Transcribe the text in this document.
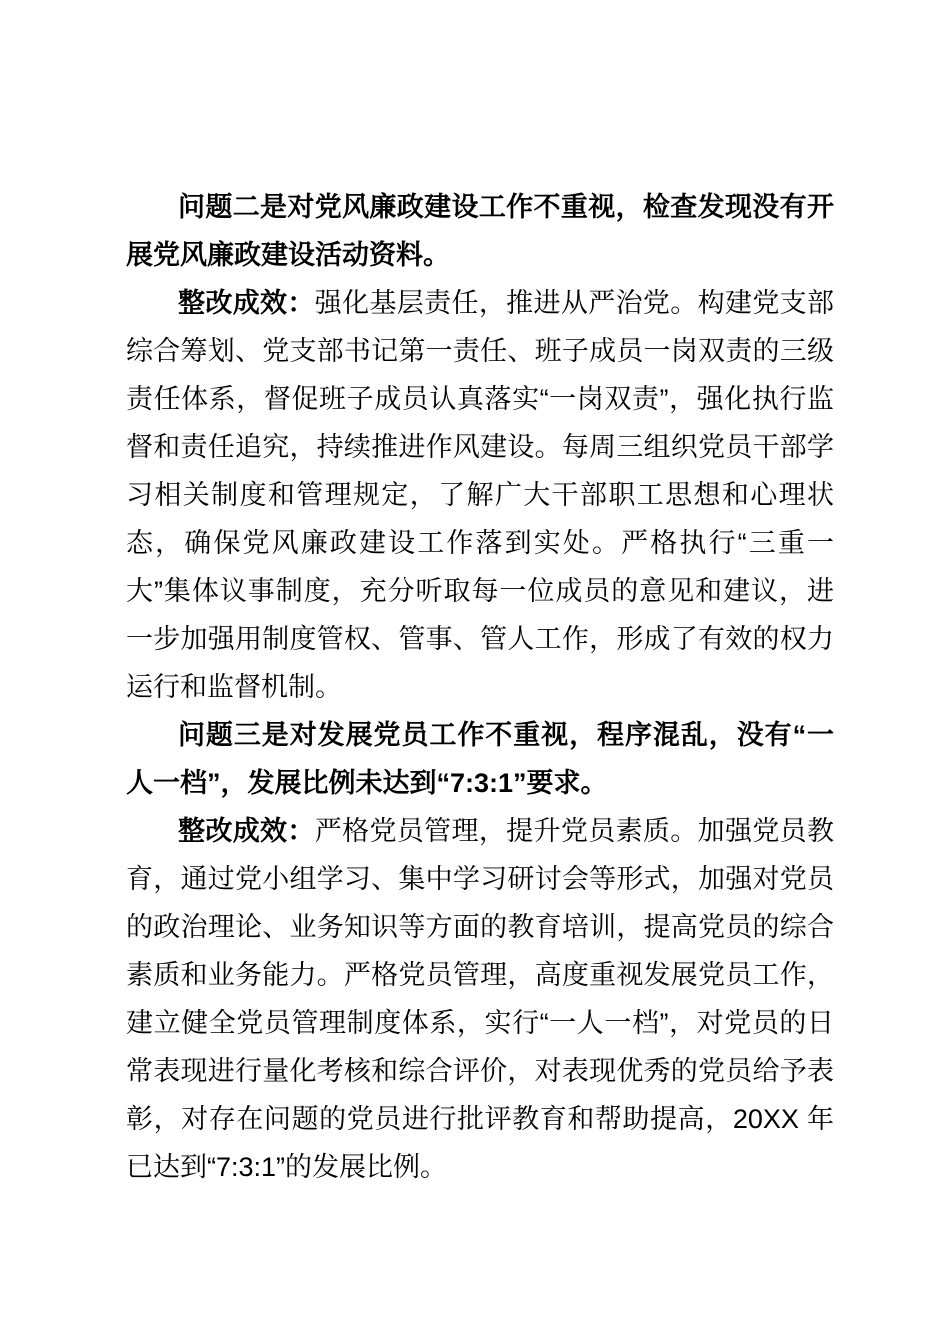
问题二是对党风廉政建设工作不重视，检查发现没有开展党风廉政建设活动资料。

整改成效：强化基层责任，推进从严治党。构建党支部综合筹划、党支部书记第一责任、班子成员一岗双责的三级责任体系，督促班子成员认真落实“一岗双责”，强化执行监督和责任追究，持续推进作风建设。每周三组织党员干部学习相关制度和管理规定，了解广大干部职工思想和心理状态，确保党风廉政建设工作落到实处。严格执行“三重一大”集体议事制度，充分听取每一位成员的意见和建议，进一步加强用制度管权、管事、管人工作，形成了有效的权力运行和监督机制。

问题三是对发展党员工作不重视，程序混乱，没有“一人一档”，发展比例未达到“7:3:1”要求。

整改成效：严格党员管理，提升党员素质。加强党员教育，通过党小组学习、集中学习研讨会等形式，加强对党员的政治理论、业务知识等方面的教育培训，提高党员的综合素质和业务能力。严格党员管理，高度重视发展党员工作，建立健全党员管理制度体系，实行“一人一档”，对党员的日常表现进行量化考核和综合评价，对表现优秀的党员给予表彰，对存在问题的党员进行批评教育和帮助提高，20XX 年已达到“7:3:1”的发展比例。
